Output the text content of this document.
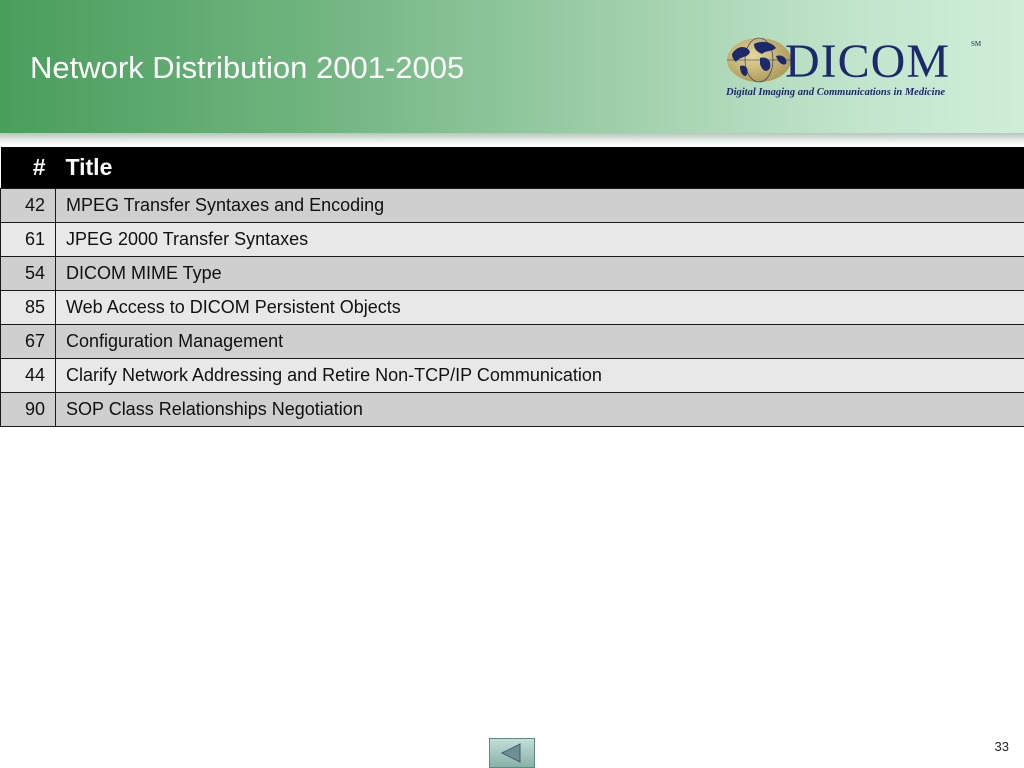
Network Distribution 2001-2005	DICOM	SM
Digital Imaging and Communications in Medicine
#	Title
42	MPEG Transfer Syntaxes and Encoding
61	JPEG 2000 Transfer Syntaxes
54	DICOM MIME Type
85	Web Access to DICOM Persistent Objects
67	Configuration Management
44	Clarify Network Addressing and Retire Non-TCP/IP Communication
90	SOP Class Relationships Negotiation
33
